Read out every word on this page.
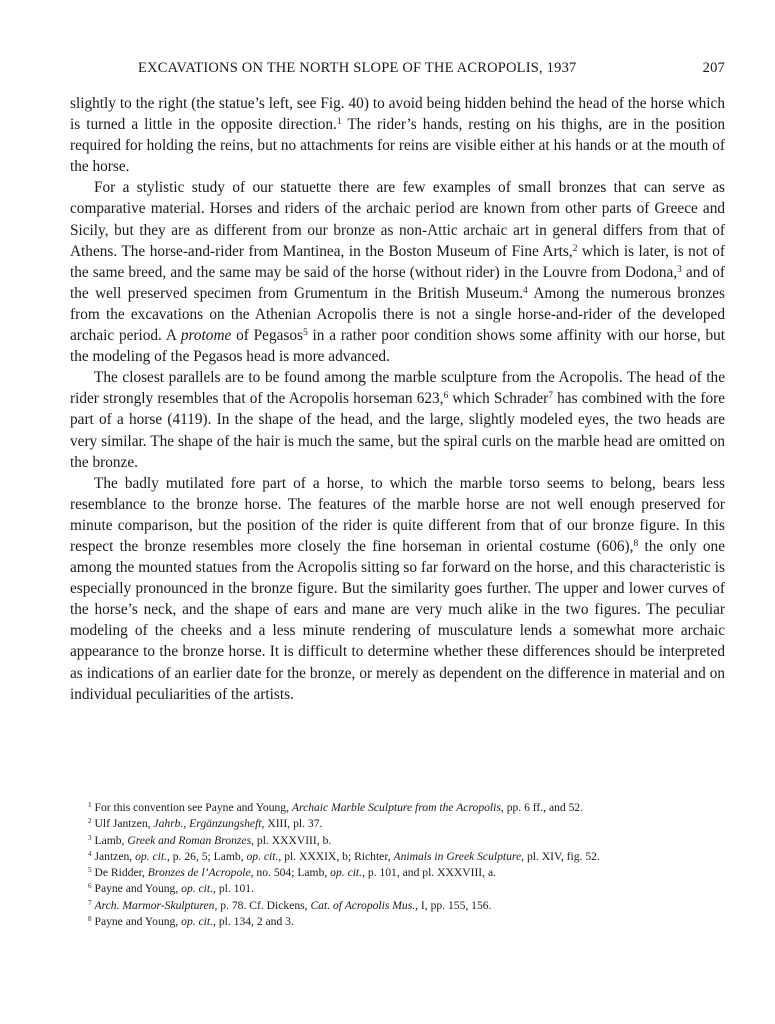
EXCAVATIONS ON THE NORTH SLOPE OF THE ACROPOLIS, 1937	207

slightly to the right (the statue’s left, see Fig. 40) to avoid being hidden behind the head of the horse which is turned a little in the opposite direction.$^1$ The rider’s hands, resting on his thighs, are in the position required for holding the reins, but no attachments for reins are visible either at his hands or at the mouth of the horse.

For a stylistic study of our statuette there are few examples of small bronzes that can serve as comparative material. Horses and riders of the archaic period are known from other parts of Greece and Sicily, but they are as different from our bronze as non-Attic archaic art in general differs from that of Athens. The horse-and-rider from Mantinea, in the Boston Museum of Fine Arts,$^2$ which is later, is not of the same breed, and the same may be said of the horse (without rider) in the Louvre from Dodona,$^3$ and of the well preserved specimen from Grumentum in the British Museum.$^4$ Among the numerous bronzes from the excavations on the Athenian Acropolis there is not a single horse-and-rider of the developed archaic period. A protome of Pegasos$^5$ in a rather poor condition shows some affinity with our horse, but the modeling of the Pegasos head is more advanced.

The closest parallels are to be found among the marble sculpture from the Acropolis. The head of the rider strongly resembles that of the Acropolis horseman 623,$^6$ which Schrader$^7$ has combined with the fore part of a horse (4119). In the shape of the head, and the large, slightly modeled eyes, the two heads are very similar. The shape of the hair is much the same, but the spiral curls on the marble head are omitted on the bronze.

The badly mutilated fore part of a horse, to which the marble torso seems to belong, bears less resemblance to the bronze horse. The features of the marble horse are not well enough preserved for minute comparison, but the position of the rider is quite different from that of our bronze figure. In this respect the bronze resembles more closely the fine horseman in oriental costume (606),$^8$ the only one among the mounted statues from the Acropolis sitting so far forward on the horse, and this characteristic is especially pronounced in the bronze figure. But the similarity goes further. The upper and lower curves of the horse’s neck, and the shape of ears and mane are very much alike in the two figures. The peculiar modeling of the cheeks and a less minute rendering of musculature lends a somewhat more archaic appearance to the bronze horse. It is difficult to determine whether these differences should be interpreted as indications of an earlier date for the bronze, or merely as dependent on the difference in material and on individual peculiarities of the artists.

$^1$ For this convention see Payne and Young, Archaic Marble Sculpture from the Acropolis, pp. 6 ff., and 52.

$^2$ Ulf Jantzen, Jahrb., Ergänzungsheft, XIII, pl. 37.

$^3$ Lamb, Greek and Roman Bronzes, pl. XXXVIII, b.

$^4$ Jantzen, op. cit., p. 26, 5; Lamb, op. cit., pl. XXXIX, b; Richter, Animals in Greek Sculpture, pl. XIV, fig. 52.

$^5$ De Ridder, Bronzes de l’Acropole, no. 504; Lamb, op. cit., p. 101, and pl. XXXVIII, a.

$^6$ Payne and Young, op. cit., pl. 101.

$^7$ Arch. Marmor-Skulpturen, p. 78. Cf. Dickens, Cat. of Acropolis Mus., I, pp. 155, 156.

$^8$ Payne and Young, op. cit., pl. 134, 2 and 3.
